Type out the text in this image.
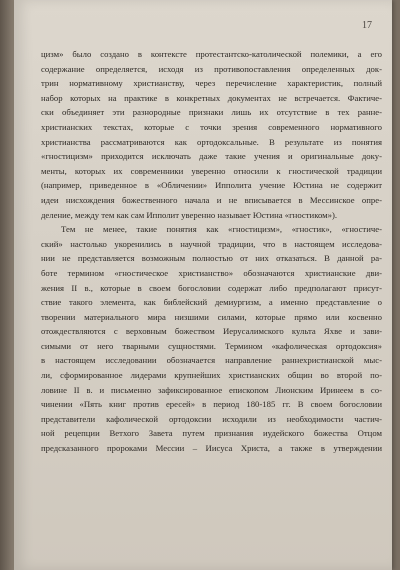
17
цизм» было создано в контексте протестантско-католической полемики, а его
содержание определяется, исходя из противопоставления определенных док-
трин нормативному христианству, через перечисление характеристик, полный
набор которых на практике в конкретных документах не встречается. Фактиче-
ски объединяет эти разнородные признаки лишь их отсутствие в тех ранне-
христианских текстах, которые с точки зрения современного нормативного
христианства рассматриваются как ортодоксальные. В результате из понятия
«гностицизм» приходится исключать даже такие учения и оригинальные доку-
менты, которых их современники уверенно относили к гностической традиции
(например, приведенное в «Обличении» Ипполита учение Юстина не содержит
идеи нисхождения божественного начала и не вписывается в Мессинское опре-
деление, между тем как сам Ипполит уверенно называет Юстина «гностиком»).
Тем не менее, такие понятия как «гностицизм», «гностик», «гностиче-
ский» настолько укоренились в научной традиции, что в настоящем исследова-
нии не представляется возможным полностью от них отказаться. В данной ра-
боте термином «гностическое христианство» обозначаются христианские дви-
жения II в., которые в своем богословии содержат либо предполагают присут-
ствие такого элемента, как библейский демиургизм, а именно представление о
творении материального мира низшими силами, которые прямо или косвенно
отождествляются с верховным божеством Иерусалимского культа Яхве и зави-
симыми от него тварными сущностями. Термином «кафолическая ортодоксия»
в настоящем исследовании обозначается направление раннехристианской мыс-
ли, сформированное лидерами крупнейших христианских общин во второй по-
ловине II в. и письменно зафиксированное епископом Лионским Иринеем в со-
чинении «Пять книг против ересей» в период 180-185 гг. В своем богословии
представители кафолической ортодоксии исходили из необходимости частич-
ной рецепции Ветхого Завета путем признания иудейского божества Отцом
предсказанного пророками Мессии – Иисуса Христа, а также в утверждении
